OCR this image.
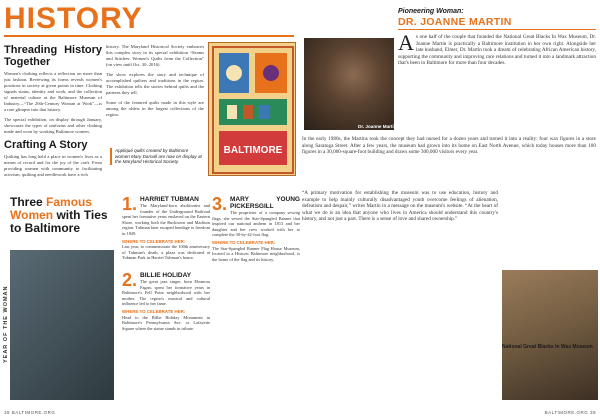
HISTORY
Threading History Together
Women's clothing reflects a reflection on more than just fashion. Reviewing its forms reveals women's positions in society at given points in time. Clothing signals status, identity and work, and the collection of material culture at the Baltimore Museum of Industry—“The 20th-Century Woman at Work”—is a rare glimpse into that history.
The special exhibition, on display through January, showcases the types of uniforms and other clothing made and worn by working Baltimore women.
Crafting A Story
Quilting has long held a place in women's lives as a means of record and for the joy of the craft. From providing women with community to facilitating activism, quilting and needlework have a rich
history. The Maryland Historical Society embraces this complex story in its special exhibition “Seams and Stitches: Women's Quilts from the Collection” (on view until Oct. 30, 2016).
The show explores the story and technique of accomplished quilters and traditions in the region. The exhibition tells the stories behind quilts and the patterns they tell.
Some of the featured quilts made in this style are among the oldest in the largest collections of the region.
BALTIMORE
Appliqué quilts created by Baltimore women Mary Darnall are now on display at the Maryland Historical Society.
YEAR OF THE WOMAN
Three Famous Women with Ties to Baltimore
1. HARRIET TUBMAN
The Maryland-born abolitionist and founder of the Underground Railroad spent her formative years enslaved on the Eastern Shore, working both the Bucktown and Madison region. Tubman later escaped bondage to freedom in 1849.
WHERE TO CELEBRATE HER:
Last year, to commemorate the 100th anniversary of Tubman's death, a plaza was dedicated at Tubman Park in Harriet Tubman's honor.
2. BILLIE HOLIDAY
The great jazz singer, born Eleanora Fagan, spent her formative years in Baltimore's Fell Point neighborhood with her mother. The region's musical and cultural influence led to her fame.
WHERE TO CELEBRATE HER:
Head to the Billie Holiday Monument in Baltimore's Pennsylvania Ave. or Lafayette Square where the statue stands in tribute.
3. MARY YOUNG PICKERSGILL
The proprietor of a company sewing flags, she sewed the Star-Spangled Banner that inspired our national anthem in 1813 and her daughter and her crew worked with her to complete the 30-by-42-foot flag.
WHERE TO CELEBRATE HER:
The Star-Spangled Banner Flag House Museum, located in a Historic Baltimore neighborhood, is the home of the flag and its history.
38 BALTIMORE.ORG
Dr. Joanne Martin
Pioneering Woman:
DR. JOANNE MARTIN
As one half of the couple that founded the National Great Blacks In Wax Museum, Dr. Joanne Martin is practically a Baltimore institution in her own right. Alongside her late husband, Elmer, Dr. Martin took a dream of celebrating African American history, supporting the community and improving race relations and turned it into a landmark attraction that's been in Baltimore for more than four decades.
In the early 1980s, the Martins took the concept they had nursed for a dozen years and turned it into a reality: four wax figures in a store along Saratoga Street. After a few years, the museum had grown into its home on East North Avenue, which today houses more than 100 figures in a 30,000-square-foot building and draws some 300,000 visitors every year.
“A primary motivation for establishing the museum was to use education, history and example to help mainly culturally disadvantaged youth overcome feelings of alienation, defeatism and despair,” writes Martin in a message on the museum's website. “At the heart of what we do is an idea that anyone who lives in America should understand this country's history, and not just a part. There is a sense of love and shared ownership.”
National Great Blacks In Wax Museum
BALTIMORE.ORG 39
